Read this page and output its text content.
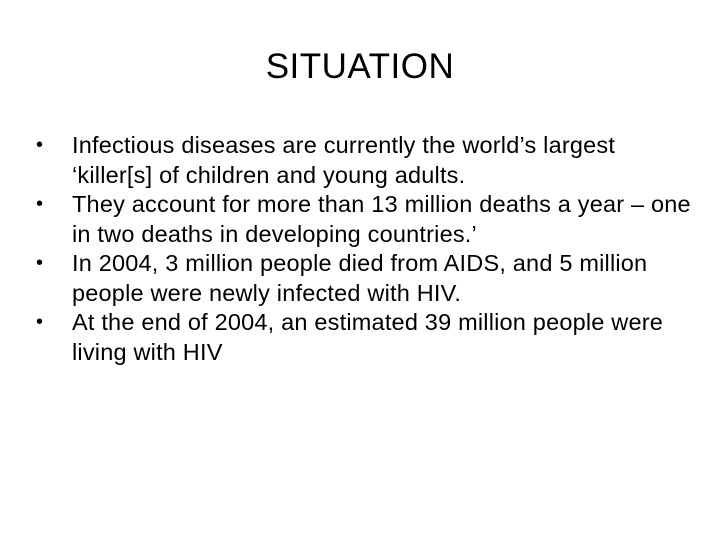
SITUATION
•	Infectious diseases are currently the world’s largest ‘killer[s] of children and young adults.
•	They account for more than 13 million deaths a year – one in two deaths in developing countries.’
•	In 2004, 3 million people died from AIDS, and 5 million people were newly infected with HIV.
•	At the end of 2004, an estimated 39 million people were living with HIV
